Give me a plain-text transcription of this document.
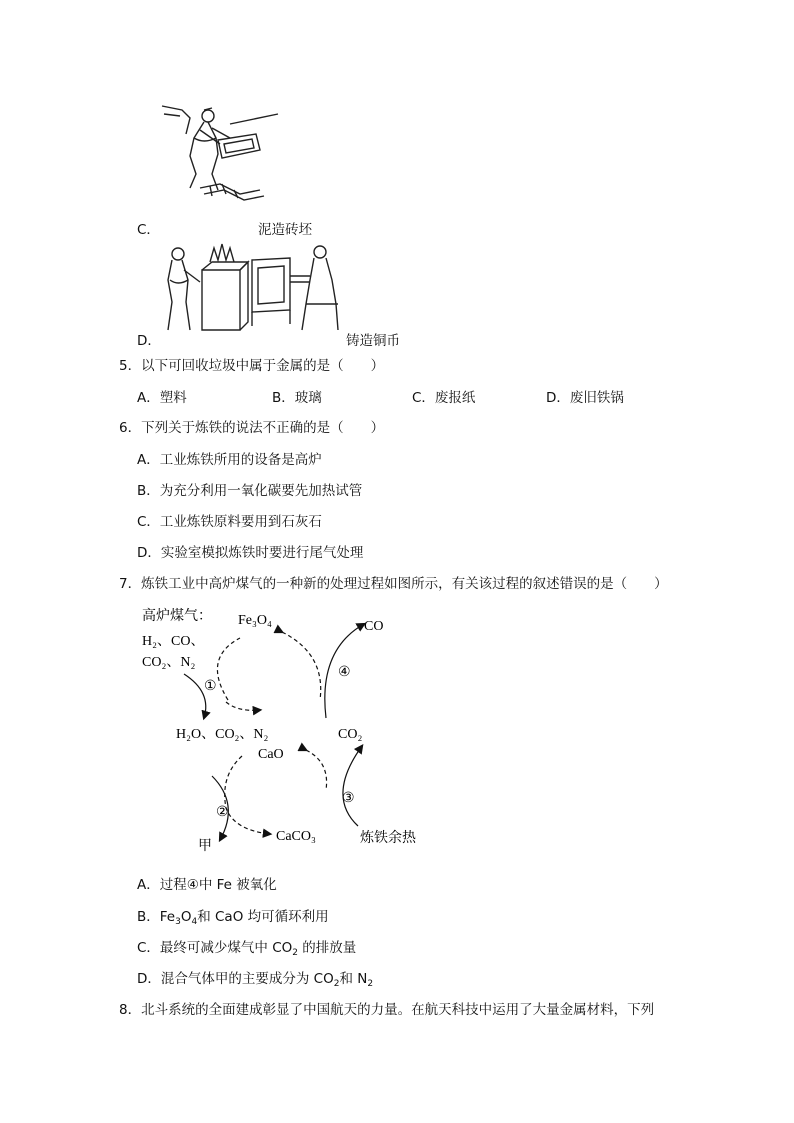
C．	泥造砖坯
D．	铸造铜币
5．以下可回收垃圾中属于金属的是（　　）
A．塑料	B．玻璃	C．废报纸	D．废旧铁锅
6．下列关于炼铁的说法不正确的是（　　）
A．工业炼铁所用的设备是高炉
B．为充分利用一氧化碳要先加热试管
C．工业炼铁原料要用到石灰石
D．实验室模拟炼铁时要进行尾气处理
7．炼铁工业中高炉煤气的一种新的处理过程如图所示，有关该过程的叙述错误的是（　　）
高炉煤气：
H₂、CO、
CO₂、N₂
Fe₃O₄	CO
①
④
H₂O、CO₂、N₂	CO₂
CaO
②
③
CaCO₃
甲	炼铁余热
A．过程④中 Fe 被氧化
B．$Fe_3O_4$和 CaO 均可循环利用
C．最终可减少煤气中 $CO_2$ 的排放量
D．混合气体甲的主要成分为 $CO_2$和 $N_2$
8．北斗系统的全面建成彰显了中国航天的力量。在航天科技中运用了大量金属材料，下列
